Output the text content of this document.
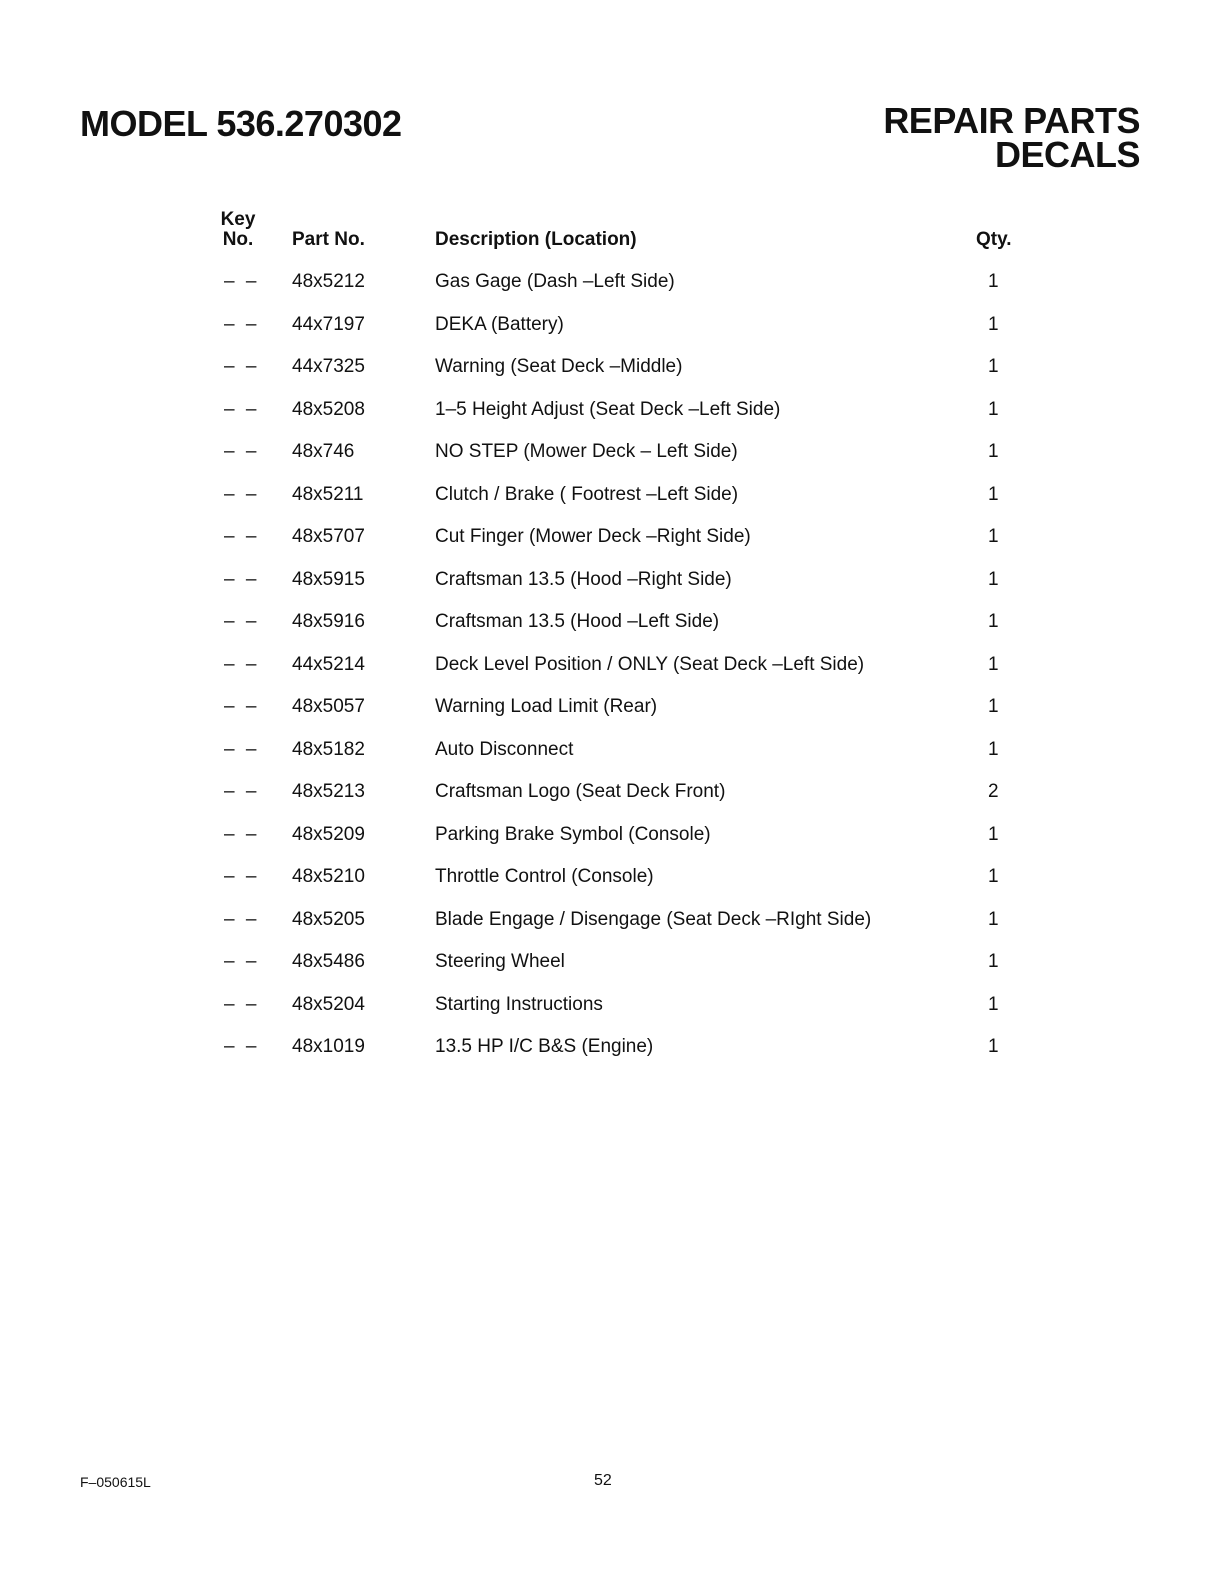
MODEL 536.270302	REPAIR PARTS
DECALS
Key
No. Part No.	Description (Location)	Qty.
– – 48x5212	Gas Gage (Dash –Left Side)	1
– – 44x7197	DEKA (Battery)	1
– – 44x7325	Warning (Seat Deck –Middle)	1
– – 48x5208	1–5 Height Adjust (Seat Deck –Left Side)	1
– – 48x746	NO STEP (Mower Deck – Left Side)	1
– – 48x5211	Clutch / Brake ( Footrest –Left Side)	1
– – 48x5707	Cut Finger (Mower Deck –Right Side)	1
– – 48x5915	Craftsman 13.5 (Hood –Right Side)	1
– – 48x5916	Craftsman 13.5 (Hood –Left Side)	1
– – 44x5214	Deck Level Position / ONLY (Seat Deck –Left Side)	1
– – 48x5057	Warning Load Limit (Rear)	1
– – 48x5182	Auto Disconnect	1
– – 48x5213	Craftsman Logo (Seat Deck Front)	2
– – 48x5209	Parking Brake Symbol (Console)	1
– – 48x5210	Throttle Control (Console)	1
– – 48x5205	Blade Engage / Disengage (Seat Deck –RIght Side)	1
– – 48x5486	Steering Wheel	1
– – 48x5204	Starting Instructions	1
– – 48x1019	13.5 HP I/C B&S (Engine)	1
F–050615L	52
